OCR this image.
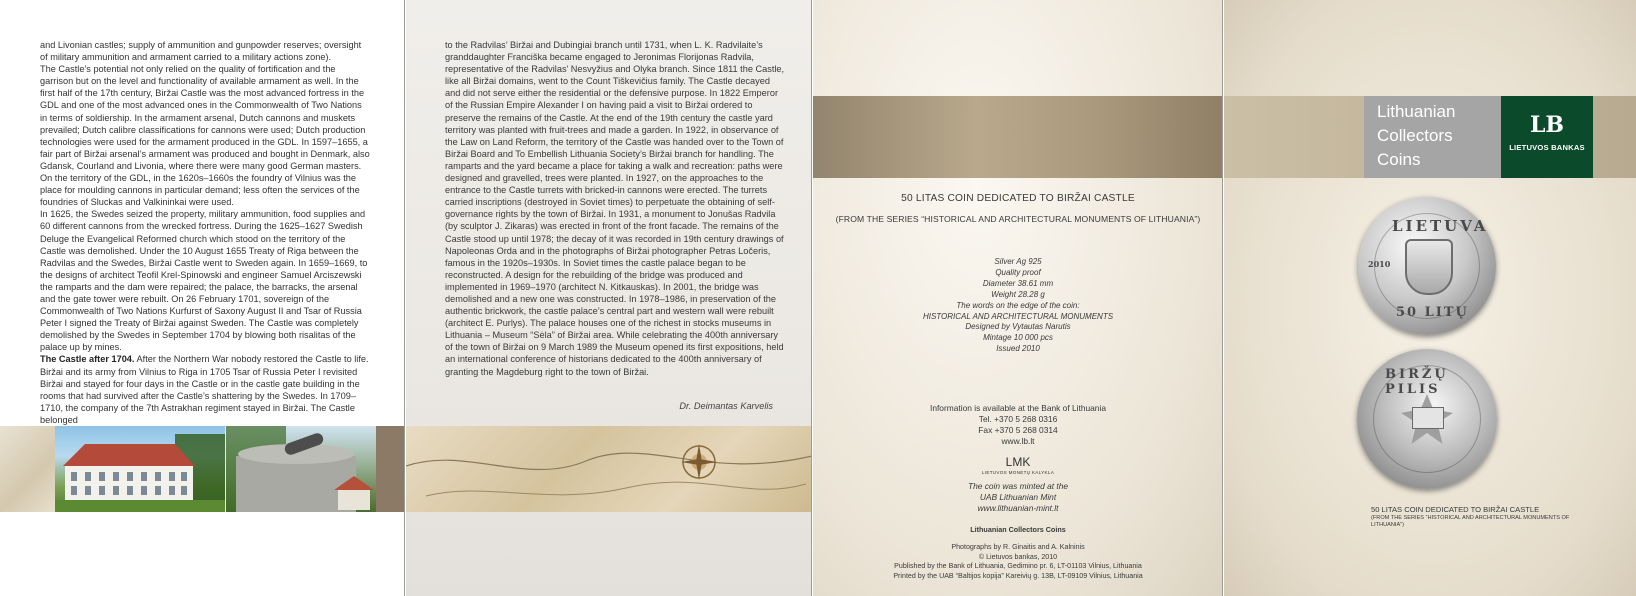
and Livonian castles; supply of ammunition and gunpowder reserves; oversight of military ammunition and armament carried to a military actions zone).

The Castle’s potential not only relied on the quality of fortification and the garrison but on the level and functionality of available armament as well. In the first half of the 17th century, Biržai Castle was the most advanced fortress in the GDL and one of the most advanced ones in the Commonwealth of Two Nations in terms of soldiership. In the armament arsenal, Dutch cannons and muskets prevailed; Dutch calibre classifications for cannons were used; Dutch production technologies were used for the armament produced in the GDL. In 1597–1655, a fair part of Biržai arsenal’s armament was produced and bought in Denmark, also Gdansk, Courland and Livonia, where there were many good German masters. On the territory of the GDL, in the 1620s–1660s the foundry of Vilnius was the place for moulding cannons in particular demand; less often the services of the foundries of Sluckas and Valkininkai were used.

In 1625, the Swedes seized the property, military ammunition, food supplies and 60 different cannons from the wrecked fortress. During the 1625–1627 Swedish Deluge the Evangelical Reformed church which stood on the territory of the Castle was demolished. Under the 10 August 1655 Treaty of Riga between the Radvilas and the Swedes, Biržai Castle went to Sweden again. In 1659–1669, to the designs of architect Teofil Krel-Spinowski and engineer Samuel Arciszewski the ramparts and the dam were repaired; the palace, the barracks, the arsenal and the gate tower were rebuilt. On 26 February 1701, sovereign of the Commonwealth of Two Nations Kurfurst of Saxony August II and Tsar of Russia Peter I signed the Treaty of Biržai against Sweden. The Castle was completely demolished by the Swedes in September 1704 by blowing both risalitas of the palace up by mines.

The Castle after 1704. After the Northern War nobody restored the Castle to life. Biržai and its army from Vilnius to Riga in 1705 Tsar of Russia Peter I revisited Biržai and stayed for four days in the Castle or in the castle gate building in the rooms that had survived after the Castle’s shattering by the Swedes. In 1709–1710, the company of the 7th Astrakhan regiment stayed in Biržai. The Castle belonged

to the Radvilas’ Biržai and Dubingiai branch until 1731, when L. K. Radvilaite’s granddaughter Franciška became engaged to Jeronimas Florijonas Radvila, representative of the Radvilas’ Nesvyžius and Olyka branch. Since 1811 the Castle, like all Biržai domains, went to the Count Tiškevičius family. The Castle decayed and did not serve either the residential or the defensive purpose. In 1822 Emperor of the Russian Empire Alexander I on having paid a visit to Biržai ordered to preserve the remains of the Castle. At the end of the 19th century the castle yard territory was planted with fruit-trees and made a garden. In 1922, in observance of the Law on Land Reform, the territory of the Castle was handed over to the Town of Biržai Board and To Embellish Lithuania Society’s Biržai branch for handling. The ramparts and the yard became a place for taking a walk and recreation: paths were designed and gravelled, trees were planted. In 1927, on the approaches to the entrance to the Castle turrets with bricked-in cannons were erected. The turrets carried inscriptions (destroyed in Soviet times) to perpetuate the obtaining of self-governance rights by the town of Biržai. In 1931, a monument to Jonušas Radvila (by sculptor J. Zikaras) was erected in front of the front facade. The remains of the Castle stood up until 1978; the decay of it was recorded in 19th century drawings of Napoleonas Orda and in the photographs of Biržai photographer Petras Ločeris, famous in the 1920s–1930s. In Soviet times the castle palace began to be reconstructed. A design for the rebuilding of the bridge was produced and implemented in 1969–1970 (architect N. Kitkauskas). In 2001, the bridge was demolished and a new one was constructed. In 1978–1986, in preservation of the authentic brickwork, the castle palace’s central part and western wall were rebuilt (architect E. Purlys). The palace houses one of the richest in stocks museums in Lithuania – Museum “Sėla” of Biržai area. While celebrating the 400th anniversary of the town of Biržai on 9 March 1989 the Museum opened its first expositions, held an international conference of historians dedicated to the 400th anniversary of granting the Magdeburg right to the town of Biržai.
Dr. Deimantas Karvelis
50 LITAS COIN DEDICATED TO BIRŽAI CASTLE
(FROM THE SERIES “HISTORICAL AND ARCHITECTURAL MONUMENTS OF LITHUANIA”)
Silver Ag 925
Quality proof
Diameter 38.61 mm
Weight 28.28 g
The words on the edge of the coin:
HISTORICAL AND ARCHITECTURAL MONUMENTS
Designed by Vytautas Narutis
Mintage 10 000 pcs
Issued 2010
Information is available at the Bank of Lithuania
Tel. +370 5 268 0316
Fax +370 5 268 0314
www.lb.lt
LMK
LIETUVOS MONETŲ KALYKLA
The coin was minted at the
UAB Lithuanian Mint
www.lithuanian-mint.lt
Lithuanian Collectors Coins
Photographs by R. Ginaitis and A. Kalninis
© Lietuvos bankas, 2010
Published by the Bank of Lithuania, Gedimino pr. 6, LT-01103 Vilnius, Lithuania
Printed by the UAB “Baltijos kopija” Kareivių g. 13B, LT-09109 Vilnius, Lithuania
Lithuanian
Collectors
Coins
LB
LIETUVOS BANKAS
LIETUVA
2010
50 LITŲ
BIRŽŲ PILIS
50 LITAS COIN DEDICATED TO BIRŽAI CASTLE
(FROM THE SERIES “HISTORICAL AND ARCHITECTURAL MONUMENTS OF LITHUANIA”)
